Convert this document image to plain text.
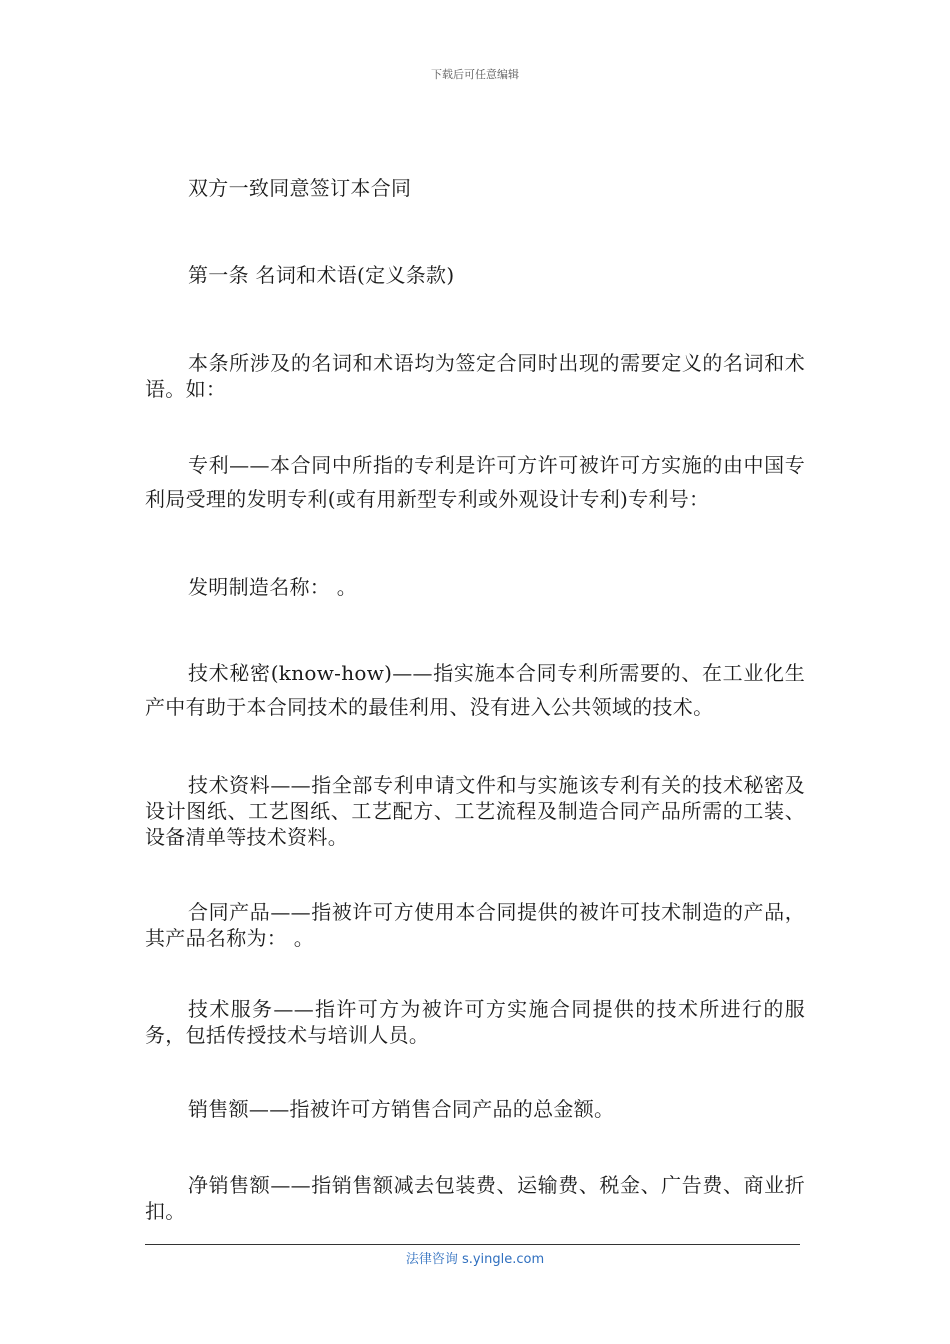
下载后可任意编辑

双方一致同意签订本合同

第一条 名词和术语(定义条款)

本条所涉及的名词和术语均为签定合同时出现的需要定义的名词和术语。如：

专利——本合同中所指的专利是许可方许可被许可方实施的由中国专利局受理的发明专利(或有用新型专利或外观设计专利)专利号：

发明制造名称： 。

技术秘密(know-how)——指实施本合同专利所需要的、在工业化生产中有助于本合同技术的最佳利用、没有进入公共领域的技术。

技术资料——指全部专利申请文件和与实施该专利有关的技术秘密及设计图纸、工艺图纸、工艺配方、工艺流程及制造合同产品所需的工装、设备清单等技术资料。

合同产品——指被许可方使用本合同提供的被许可技术制造的产品，其产品名称为： 。

技术服务——指许可方为被许可方实施合同提供的技术所进行的服务，包括传授技术与培训人员。

销售额——指被许可方销售合同产品的总金额。

净销售额——指销售额减去包装费、运输费、税金、广告费、商业折扣。

法律咨询 s.yingle.com
